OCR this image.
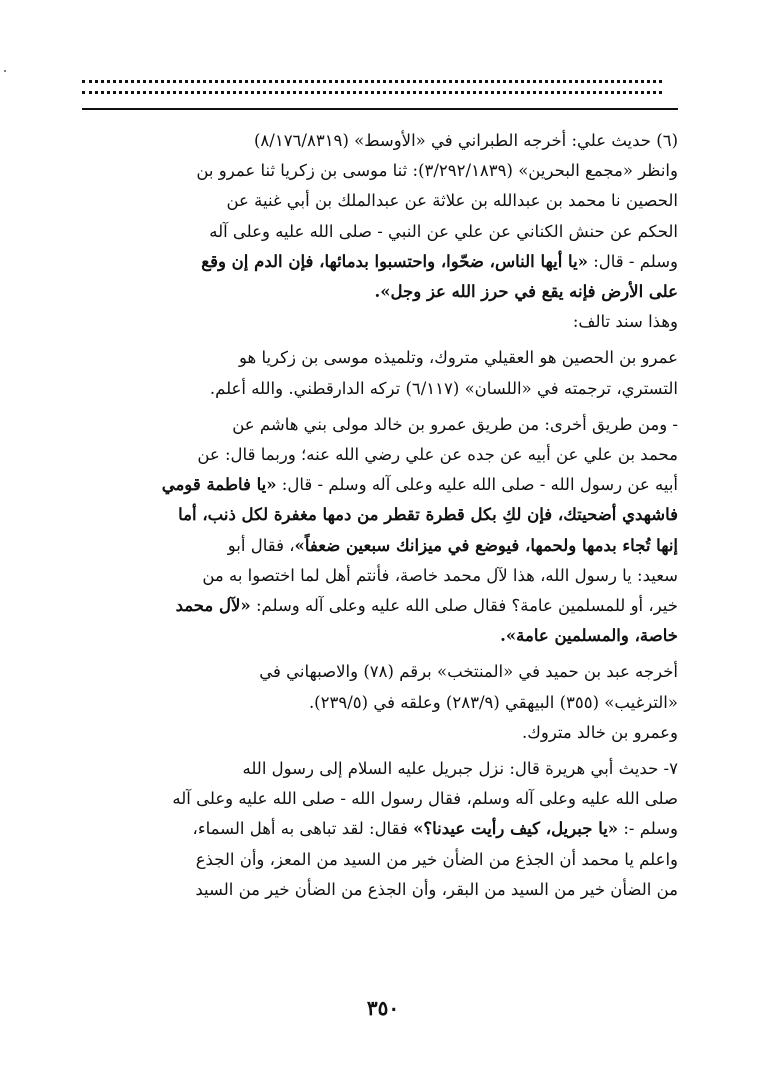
(٦) حديث علي: أخرجه الطبراني في «الأوسط» (٨/١٧٦/٨٣١٩)
وانظر «مجمع البحرين» (٣/٢٩٢/١٨٣٩): ثنا موسى بن زكريا ثنا عمرو بن
الحصين نا محمد بن عبدالله بن علاثة عن عبدالملك بن أبي غنية عن
الحكم عن حنش الكناني عن علي عن النبي - صلى الله عليه وعلى آله
وسلم - قال: «يا أيها الناس، ضحّوا، واحتسبوا بدمائها، فإن الدم إن وقع
على الأرض فإنه يقع في حرز الله عز وجل».
وهذا سند تالف:
عمرو بن الحصين هو العقيلي متروك، وتلميذه موسى بن زكريا هو
التستري، ترجمته في «اللسان» (٦/١١٧) تركه الدارقطني. والله أعلم.
- ومن طريق أخرى: من طريق عمرو بن خالد مولى بني هاشم عن
محمد بن علي عن أبيه عن جده عن علي رضي الله عنه؛ وربما قال: عن
أبيه عن رسول الله - صلى الله عليه وعلى آله وسلم - قال: «يا فاطمة قومي
فاشهدي أضحيتك، فإن لكِ بكل قطرة تقطر من دمها مغفرة لكل ذنب، أما
إنها تُجاء بدمها ولحمها، فيوضع في ميزانك سبعين ضعفاً»، فقال أبو
سعيد: يا رسول الله، هذا لآل محمد خاصة، فأنتم أهل لما اختصوا به من
خير، أو للمسلمين عامة؟ فقال صلى الله عليه وعلى آله وسلم: «لآل محمد
خاصة، والمسلمين عامة».
أخرجه عبد بن حميد في «المنتخب» برقم (٧٨) والاصبهاني في
«الترغيب» (٣٥٥) البيهقي (٢٨٣/٩) وعلقه في (٢٣٩/٥).
وعمرو بن خالد متروك.
٧- حديث أبي هريرة قال: نزل جبريل عليه السلام إلى رسول الله
صلى الله عليه وعلى آله وسلم، فقال رسول الله - صلى الله عليه وعلى آله
وسلم -: «يا جبريل، كيف رأيت عيدنا؟» فقال: لقد تباهى به أهل السماء،
واعلم يا محمد أن الجذع من الضأن خير من السيد من المعز، وأن الجذع
من الضأن خير من السيد من البقر، وأن الجذع من الضأن خير من السيد
٣٥٠
